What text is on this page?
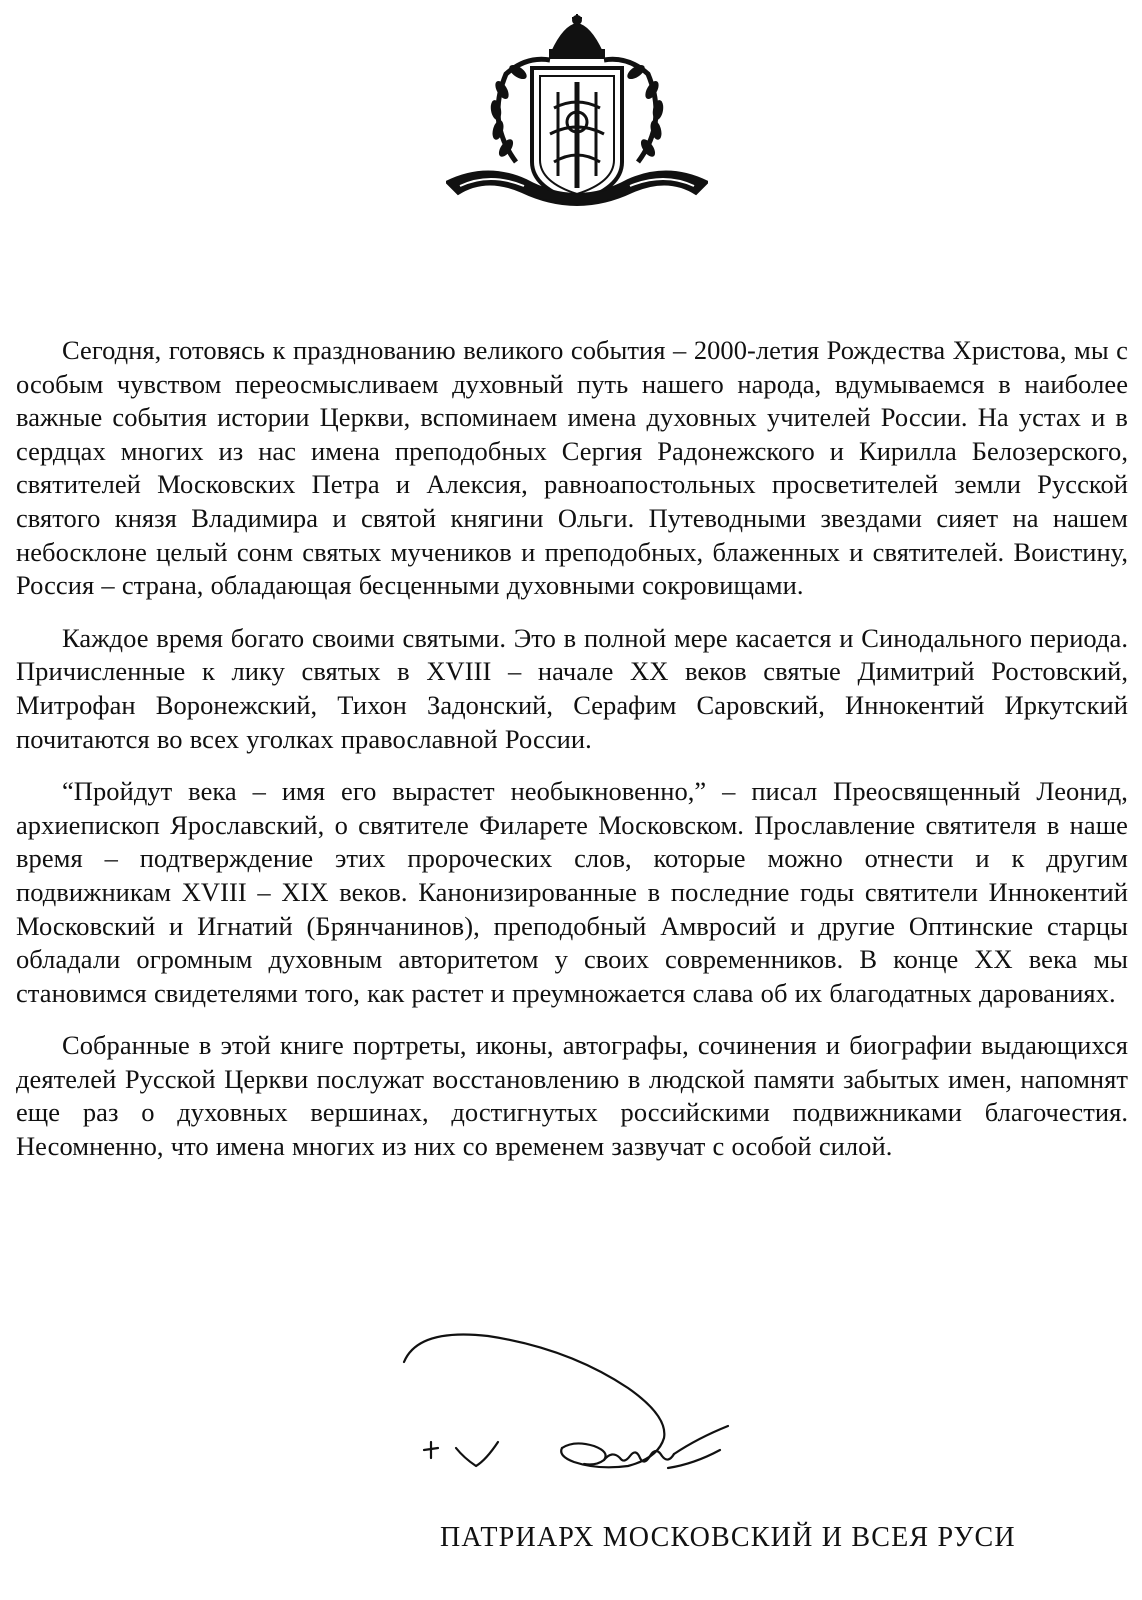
Сегодня, готовясь к празднованию великого события – 2000-летия Рождества Христова, мы с особым чувством переосмысливаем духовный путь нашего народа, вдумываемся в наиболее важные события истории Церкви, вспоминаем имена духовных учителей России. На устах и в сердцах многих из нас имена преподобных Сергия Радонежского и Кирилла Белозерского, святителей Московских Петра и Алексия, равноапостольных просветителей земли Русской святого князя Владимира и святой княгини Ольги. Путеводными звездами сияет на нашем небосклоне целый сонм святых мучеников и преподобных, блаженных и святителей. Воистину, Россия – страна, обладающая бесценными духовными сокровищами.

Каждое время богато своими святыми. Это в полной мере касается и Синодального периода. Причисленные к лику святых в XVIII – начале XX веков святые Димитрий Ростовский, Митрофан Воронежский, Тихон Задонский, Серафим Саровский, Иннокентий Иркутский почитаются во всех уголках православной России.

“Пройдут века – имя его вырастет необыкновенно,” – писал Преосвященный Леонид, архиепископ Ярославский, о святителе Филарете Московском. Прославление святителя в наше время – подтверждение этих пророческих слов, которые можно отнести и к другим подвижникам XVIII – XIX веков. Канонизированные в последние годы святители Иннокентий Московский и Игнатий (Брянчанинов), преподобный Амвросий и другие Оптинские старцы обладали огромным духовным авторитетом у своих современников. В конце XX века мы становимся свидетелями того, как растет и преумножается слава об их благодатных дарованиях.

Собранные в этой книге портреты, иконы, автографы, сочинения и биографии выдающихся деятелей Русской Церкви послужат восстановлению в людской памяти забытых имен, напомнят еще раз о духовных вершинах, достигнутых российскими подвижниками благочестия. Несомненно, что имена многих из них со временем зазвучат с особой силой.

ПАТРИАРХ МОСКОВСКИЙ И ВСЕЯ РУСИ
